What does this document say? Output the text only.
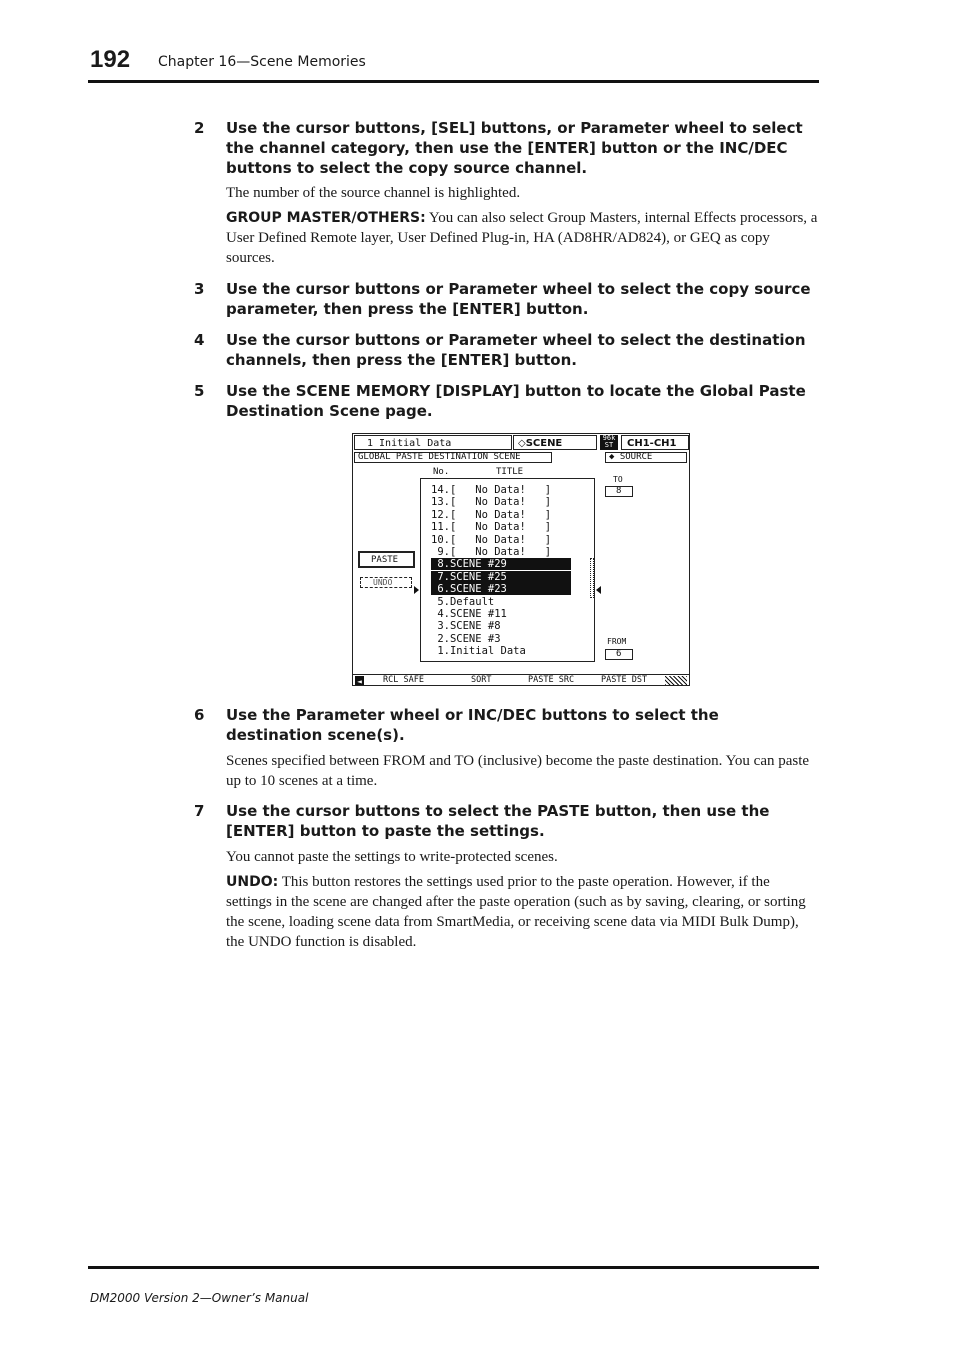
192 Chapter 16—Scene Memories
2 Use the cursor buttons, [SEL] buttons, or Parameter wheel to select the channel category, then use the [ENTER] button or the INC/DEC buttons to select the copy source channel.
The number of the source channel is highlighted.
GROUP MASTER/OTHERS: You can also select Group Masters, internal Effects processors, a User Defined Remote layer, User Defined Plug-in, HA (AD8HR/AD824), or GEQ as copy sources.
3 Use the cursor buttons or Parameter wheel to select the copy source parameter, then press the [ENTER] button.
4 Use the cursor buttons or Parameter wheel to select the destination channels, then press the [ENTER] button.
5 Use the SCENE MEMORY [DISPLAY] button to locate the Global Paste Destination Scene page.
1 Initial Data	◇SCENE	96k
ST	CH1-CH1
GLOBAL PASTE DESTINATION SCENE	◆ SOURCE
No.	TITLE
TO
8
14.[   No Data!   ]
13.[   No Data!   ]
12.[   No Data!   ]
11.[   No Data!   ]
10.[   No Data!   ]
9.[   No Data!   ]
8.SCENE #29
7.SCENE #25
6.SCENE #23
5.Default
4.SCENE #11
3.SCENE #8
2.SCENE #3
1.Initial Data
PASTE
UNDO
FROM
6
◄ RCL SAFE	SORT	PASTE SRC	PASTE DST
6 Use the Parameter wheel or INC/DEC buttons to select the destination scene(s).
Scenes specified between FROM and TO (inclusive) become the paste destination. You can paste up to 10 scenes at a time.
7 Use the cursor buttons to select the PASTE button, then use the [ENTER] button to paste the settings.
You cannot paste the settings to write-protected scenes.
UNDO: This button restores the settings used prior to the paste operation. However, if the settings in the scene are changed after the paste operation (such as by saving, clearing, or sorting the scene, loading scene data from SmartMedia, or receiving scene data via MIDI Bulk Dump), the UNDO function is disabled.
DM2000 Version 2—Owner’s Manual
